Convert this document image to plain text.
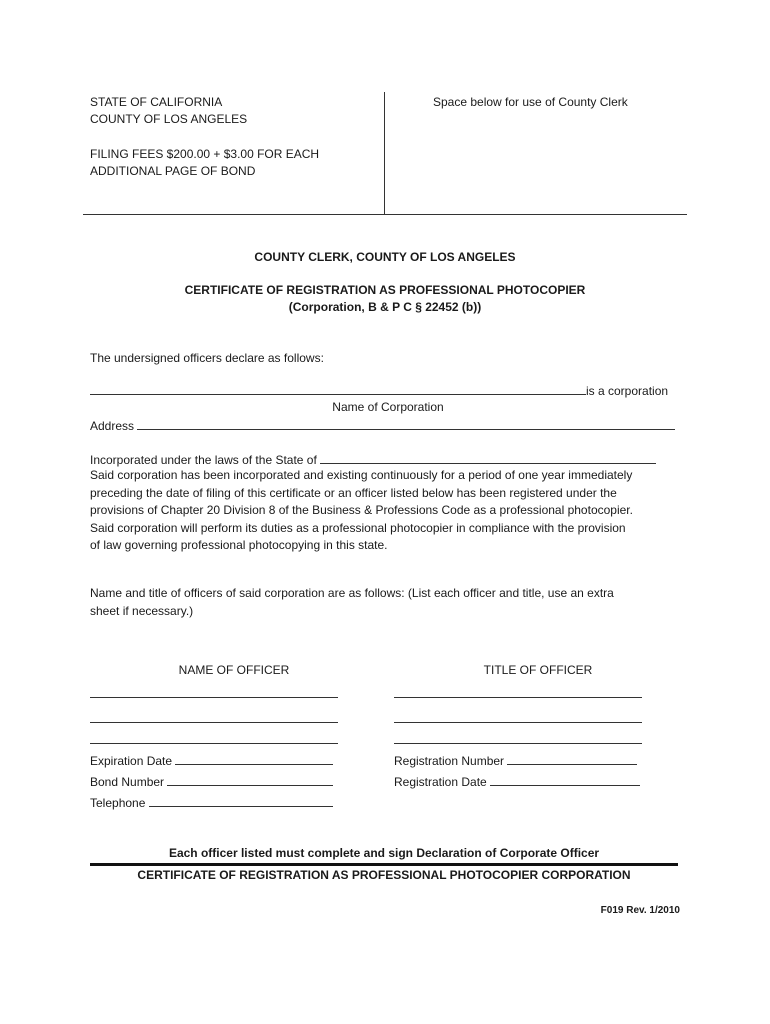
STATE OF CALIFORNIA
COUNTY OF LOS ANGELES
FILING FEES $200.00 + $3.00 FOR EACH
ADDITIONAL PAGE OF BOND
Space below for use of County Clerk
COUNTY CLERK, COUNTY OF LOS ANGELES
CERTIFICATE OF REGISTRATION AS PROFESSIONAL PHOTOCOPIER
(Corporation, B & P C § 22452 (b))
The undersigned officers declare as follows:
is a corporation
Name of Corporation
Address
Incorporated under the laws of the State of
Said corporation has been incorporated and existing continuously for a period of one year immediately
preceding the date of filing of this certificate or an officer listed below has been registered under the
provisions of Chapter 20 Division 8 of the Business & Professions Code as a professional photocopier.
Said corporation will perform its duties as a professional photocopier in compliance with the provision
of law governing professional photocopying in this state.
Name and title of officers of said corporation are as follows: (List each officer and title, use an extra
sheet if necessary.)
NAME OF OFFICER	TITLE OF OFFICER
Expiration Date
Bond Number
Telephone
Registration Number
Registration Date
Each officer listed must complete and sign Declaration of Corporate Officer
CERTIFICATE OF REGISTRATION AS PROFESSIONAL PHOTOCOPIER CORPORATION
F019 Rev. 1/2010
